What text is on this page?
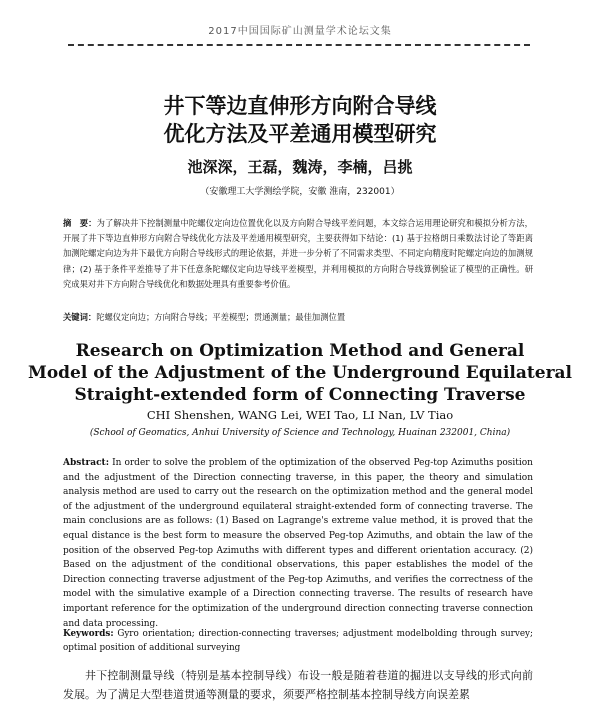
2017中国国际矿山测量学术论坛文集
井下等边直伸形方向附合导线
优化方法及平差通用模型研究
池深深，王磊，魏涛，李楠，吕挑
（安徽理工大学测绘学院，安徽 淮南，232001）
摘　要：为了解决井下控制测量中陀螺仪定向边位置优化以及方向附合导线平差问题，本文综合运用理论研究和模拟分析方法，开展了井下等边直伸形方向附合导线优化方法及平差通用模型研究，主要获得如下结论：(1) 基于拉格朗日乘数法讨论了等距离加测陀螺定向边为井下最优方向附合导线形式的理论依据，并进一步分析了不同需求类型、不同定向精度时陀螺定向边的加测规律；(2) 基于条件平差推导了井下任意条陀螺仪定向边导线平差模型，并利用模拟的方向附合导线算例验证了模型的正确性。研究成果对井下方向附合导线优化和数据处理具有重要参考价值。
关键词：陀螺仪定向边；方向附合导线；平差模型；贯通测量；最佳加测位置
Research on Optimization Method and General
Model of the Adjustment of the Underground Equilateral
Straight-extended form of Connecting Traverse
CHI Shenshen, WANG Lei, WEI Tao, LI Nan, LV Tiao
(School of Geomatics, Anhui University of Science and Technology, Huainan 232001, China)
Abstract: In order to solve the problem of the optimization of the observed Peg-top Azimuths position and the adjustment of the Direction connecting traverse, in this paper, the theory and simulation analysis method are used to carry out the research on the optimization method and the general model of the adjustment of the underground equilateral straight-extended form of connecting traverse. The main conclusions are as follows: (1) Based on Lagrange's extreme value method, it is proved that the equal distance is the best form to measure the observed Peg-top Azimuths, and obtain the law of the position of the observed Peg-top Azimuths with different types and different orientation accuracy. (2) Based on the adjustment of the conditional observations, this paper establishes the model of the Direction connecting traverse adjustment of the Peg-top Azimuths, and verifies the correctness of the model with the simulative example of a Direction connecting traverse. The results of research have important reference for the optimization of the underground direction connecting traverse connection and data processing.
Keywords: Gyro orientation; direction-connecting traverses; adjustment modelbolding through survey; optimal position of additional surveying
井下控制测量导线（特别是基本控制导线）布设一般是随着巷道的掘进以支导线的形式向前发展。为了满足大型巷道贯通等测量的要求，须要严格控制基本控制导线方向误差累
